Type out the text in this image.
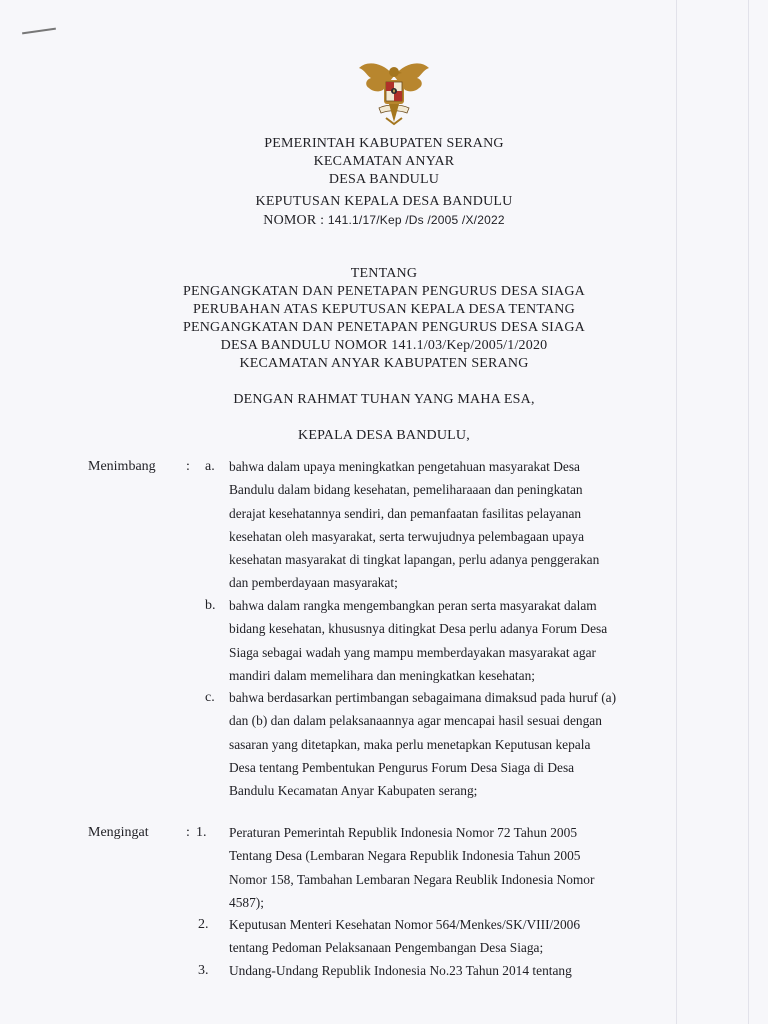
PEMERINTAH KABUPATEN SERANG
KECAMATAN ANYAR
DESA BANDULU
KEPUTUSAN KEPALA DESA BANDULU
NOMOR : 141.1/17/Kep /Ds /2005 /X/2022
TENTANG
PENGANGKATAN DAN PENETAPAN PENGURUS DESA SIAGA
PERUBAHAN ATAS KEPUTUSAN KEPALA DESA TENTANG
PENGANGKATAN DAN PENETAPAN PENGURUS DESA SIAGA
DESA BANDULU NOMOR 141.1/03/Kep/2005/1/2020
KECAMATAN ANYAR KABUPATEN SERANG
DENGAN RAHMAT TUHAN YANG MAHA ESA,
KEPALA DESA BANDULU,
Menimbang : a. bahwa dalam upaya meningkatkan pengetahuan masyarakat Desa
Bandulu dalam bidang kesehatan, pemeliharaaan dan peningkatan
derajat kesehatannya sendiri, dan pemanfaatan fasilitas pelayanan
kesehatan oleh masyarakat, serta terwujudnya pelembagaan upaya
kesehatan masyarakat di tingkat lapangan, perlu adanya penggerakan
dan pemberdayaan masyarakat;
b. bahwa dalam rangka mengembangkan peran serta masyarakat dalam
bidang kesehatan, khususnya ditingkat Desa perlu adanya Forum Desa
Siaga sebagai wadah yang mampu memberdayakan masyarakat agar
mandiri dalam memelihara dan meningkatkan kesehatan;
c. bahwa berdasarkan pertimbangan sebagaimana dimaksud pada huruf (a)
dan (b) dan dalam pelaksanaannya agar mencapai hasil sesuai dengan
sasaran yang ditetapkan, maka perlu menetapkan Keputusan kepala
Desa tentang Pembentukan Pengurus Forum Desa Siaga di Desa
Bandulu Kecamatan Anyar Kabupaten serang;
Mengingat	: 1. Peraturan Pemerintah Republik Indonesia Nomor 72 Tahun 2005
Tentang Desa (Lembaran Negara Republik Indonesia Tahun 2005
Nomor 158, Tambahan Lembaran Negara Reublik Indonesia Nomor
4587);
2. Keputusan Menteri Kesehatan Nomor 564/Menkes/SK/VIII/2006
tentang Pedoman Pelaksanaan Pengembangan Desa Siaga;
3. Undang-Undang Republik Indonesia No.23 Tahun 2014 tentang
